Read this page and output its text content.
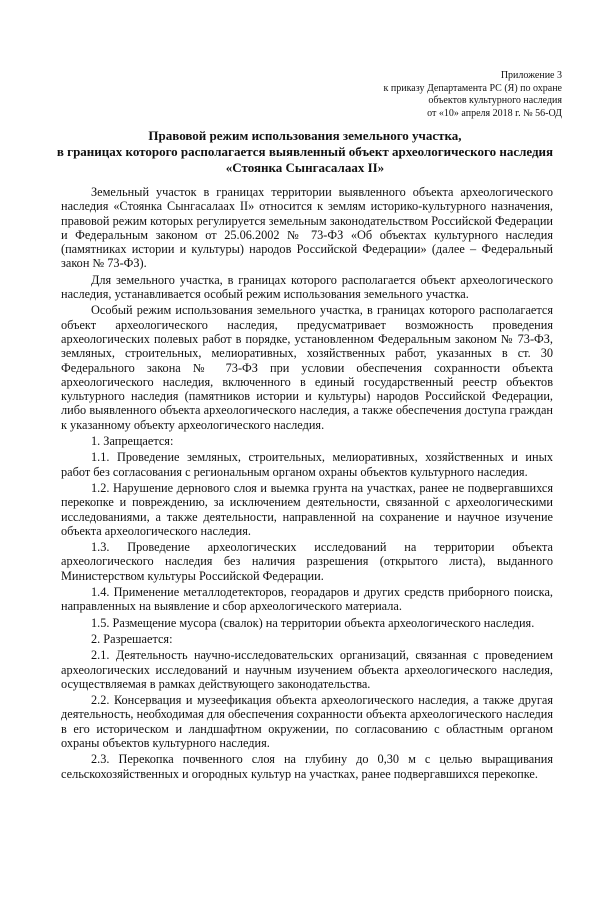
Приложение 3
к приказу Департамента РС (Я) по охране
объектов культурного наследия
от «10» апреля 2018 г. № 56-ОД
Правовой режим использования земельного участка,
в границах которого располагается выявленный объект археологического наследия
«Стоянка Сынгасалаах II»

Земельный участок в границах территории выявленного объекта археологического наследия «Стоянка Сынгасалаах II» относится к землям историко-культурного назначения, правовой режим которых регулируется земельным законодательством Российской Федерации и Федеральным законом от 25.06.2002 № 73-ФЗ «Об объектах культурного наследия (памятниках истории и культуры) народов Российской Федерации» (далее – Федеральный закон № 73-ФЗ).

Для земельного участка, в границах которого располагается объект археологического наследия, устанавливается особый режим использования земельного участка.

Особый режим использования земельного участка, в границах которого располагается объект археологического наследия, предусматривает возможность проведения археологических полевых работ в порядке, установленном Федеральным законом № 73-ФЗ, земляных, строительных, мелиоративных, хозяйственных работ, указанных в ст. 30 Федерального закона № 73-ФЗ при условии обеспечения сохранности объекта археологического наследия, включенного в единый государственный реестр объектов культурного наследия (памятников истории и культуры) народов Российской Федерации, либо выявленного объекта археологического наследия, а также обеспечения доступа граждан к указанному объекту археологического наследия.

1. Запрещается:

1.1. Проведение земляных, строительных, мелиоративных, хозяйственных и иных работ без согласования с региональным органом охраны объектов культурного наследия.

1.2. Нарушение дернового слоя и выемка грунта на участках, ранее не подвергавшихся перекопке и повреждению, за исключением деятельности, связанной с археологическими исследованиями, а также деятельности, направленной на сохранение и научное изучение объекта археологического наследия.

1.3. Проведение археологических исследований на территории объекта археологического наследия без наличия разрешения (открытого листа), выданного Министерством культуры Российской Федерации.

1.4. Применение металлодетекторов, георадаров и других средств приборного поиска, направленных на выявление и сбор археологического материала.

1.5. Размещение мусора (свалок) на территории объекта археологического наследия.

2. Разрешается:

2.1. Деятельность научно-исследовательских организаций, связанная с проведением археологических исследований и научным изучением объекта археологического наследия, осуществляемая в рамках действующего законодательства.

2.2. Консервация и музеефикация объекта археологического наследия, а также другая деятельность, необходимая для обеспечения сохранности объекта археологического наследия в его историческом и ландшафтном окружении, по согласованию с областным органом охраны объектов культурного наследия.

2.3. Перекопка почвенного слоя на глубину до 0,30 м с целью выращивания сельскохозяйственных и огородных культур на участках, ранее подвергавшихся перекопке.
